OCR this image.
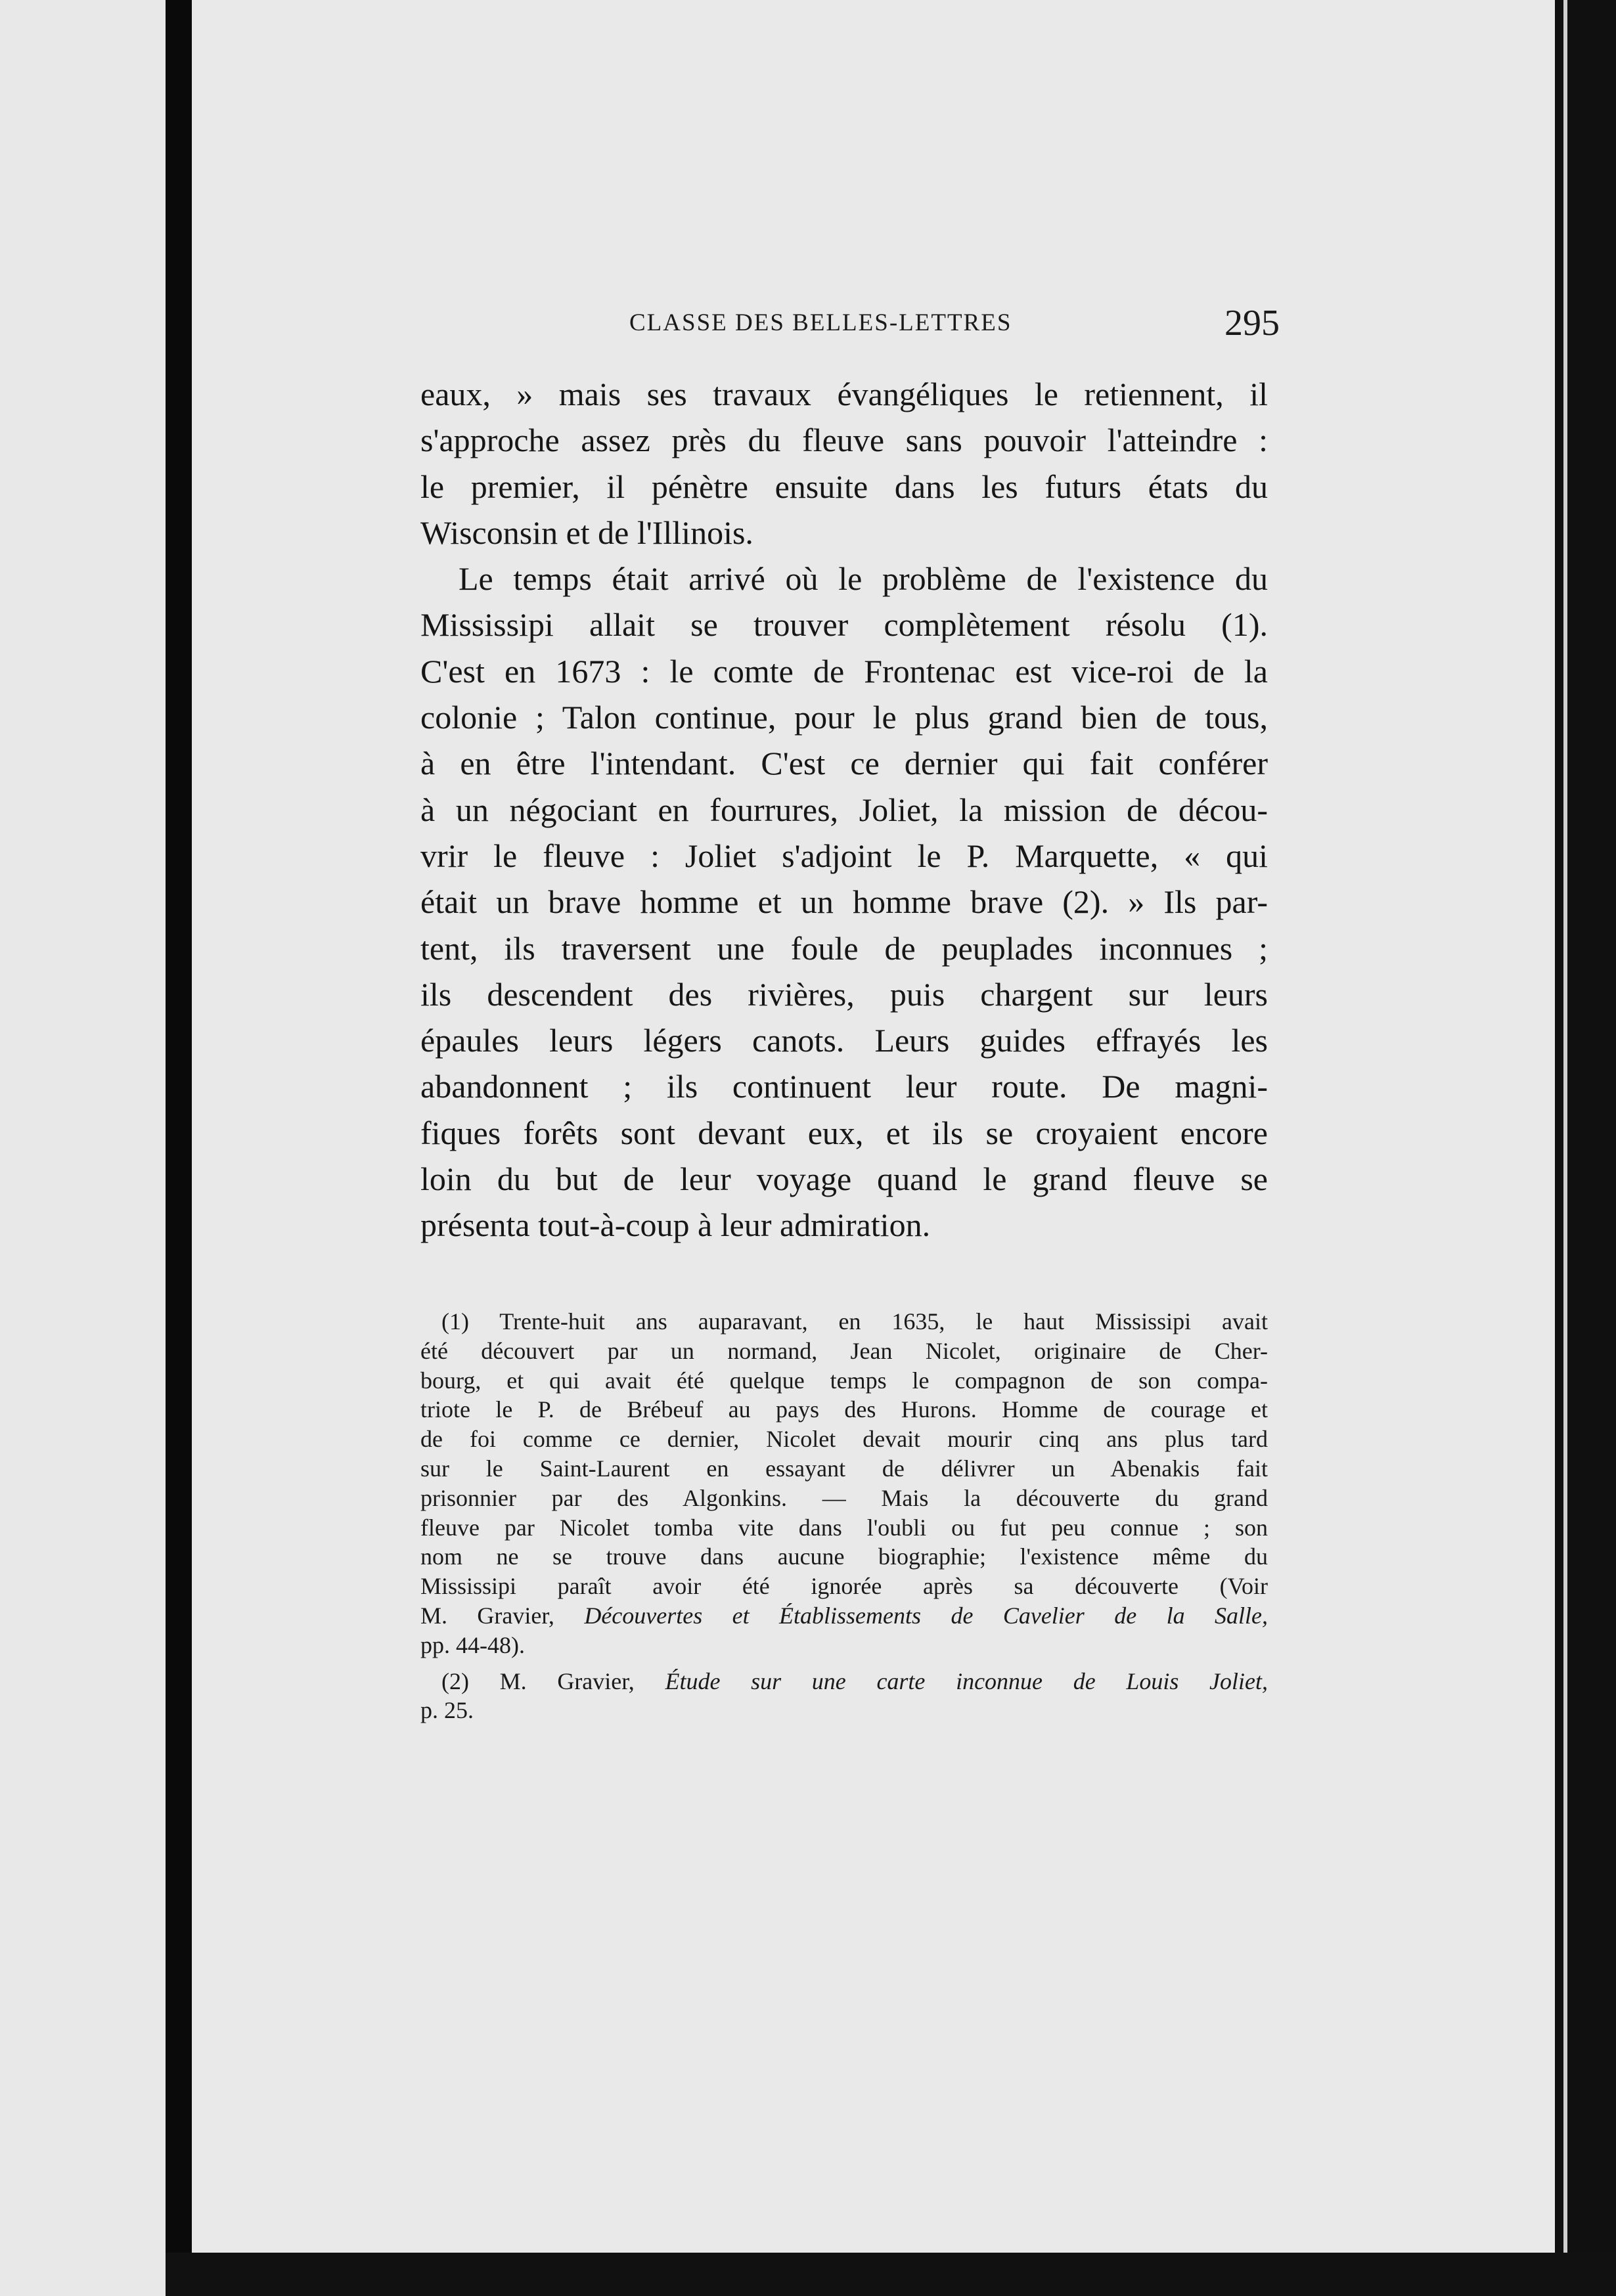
CLASSE DES BELLES-LETTRES	295
eaux, » mais ses travaux évangéliques le retiennent, il
s'approche assez près du fleuve sans pouvoir l'atteindre :
le premier, il pénètre ensuite dans les futurs états du
Wisconsin et de l'Illinois.
Le temps était arrivé où le problème de l'existence du
Mississipi allait se trouver complètement résolu (1).
C'est en 1673 : le comte de Frontenac est vice-roi de la
colonie ; Talon continue, pour le plus grand bien de tous,
à en être l'intendant. C'est ce dernier qui fait conférer
à un négociant en fourrures, Joliet, la mission de décou-
vrir le fleuve : Joliet s'adjoint le P. Marquette, « qui
était un brave homme et un homme brave (2). » Ils par-
tent, ils traversent une foule de peuplades inconnues ;
ils descendent des rivières, puis chargent sur leurs
épaules leurs légers canots. Leurs guides effrayés les
abandonnent ; ils continuent leur route. De magni-
fiques forêts sont devant eux, et ils se croyaient encore
loin du but de leur voyage quand le grand fleuve se
présenta tout-à-coup à leur admiration.
(1) Trente-huit ans auparavant, en 1635, le haut Mississipi avait
été découvert par un normand, Jean Nicolet, originaire de Cher-
bourg, et qui avait été quelque temps le compagnon de son compa-
triote le P. de Brébeuf au pays des Hurons. Homme de courage et
de foi comme ce dernier, Nicolet devait mourir cinq ans plus tard
sur le Saint-Laurent en essayant de délivrer un Abenakis fait
prisonnier par des Algonkins. — Mais la découverte du grand
fleuve par Nicolet tomba vite dans l'oubli ou fut peu connue ; son
nom ne se trouve dans aucune biographie; l'existence même du
Mississipi paraît avoir été ignorée après sa découverte (Voir
M. Gravier, Découvertes et Établissements de Cavelier de la Salle,
pp. 44-48).
(2) M. Gravier, Étude sur une carte inconnue de Louis Joliet,
p. 25.
